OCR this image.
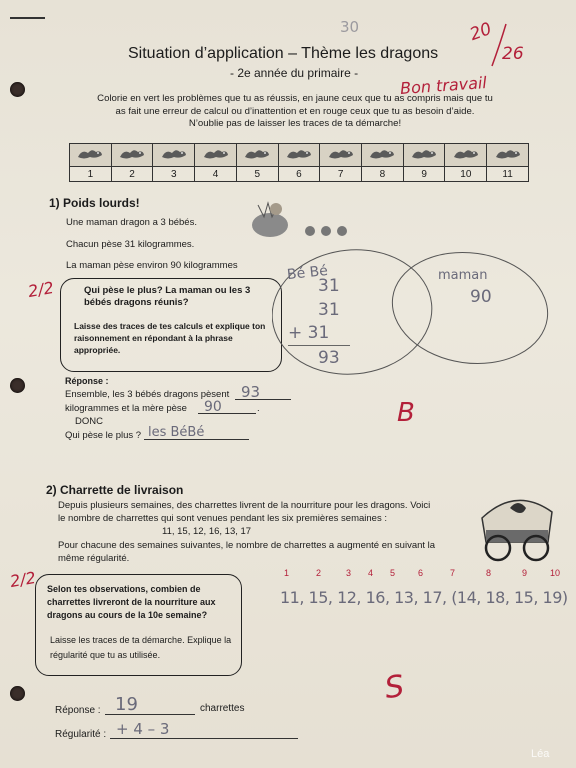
30	20
26
Bon travail
Situation d’application – Thème les dragons
- 2e année du primaire -
Colorie en vert les problèmes que tu as réussis, en jaune ceux que tu as compris mais que tu
as fait une erreur de calcul ou d’inattention et en rouge ceux que tu as besoin d’aide.
N’oublie pas de laisser les traces de ta démarche!

1	2	3	4	5	6	7	8	9	10	11
1) Poids lourds!
Une maman dragon a 3 bébés.
Chacun pèse 31 kilogrammes.
La maman pèse environ 90 kilogrammes
Qui pèse le plus? La maman ou les 3 bébés dragons réunis?
Laisse des traces de tes calculs et explique ton raisonnement en répondant à la phrase appropriée.
Bé Bé
31
31
+ 31
93
maman
90
2/2
Réponse :
Ensemble, les 3 bébés dragons pèsent 93
kilogrammes et la mère pèse	90	.
DONC
Qui pèse le plus ? les BéBé
B
2) Charrette de livraison
Depuis plusieurs semaines, des charrettes livrent de la nourriture pour les dragons. Voici
le nombre de charrettes qui sont venues pendant les six premières semaines :
11, 15, 12, 16, 13, 17
Pour chacune des semaines suivantes, le nombre de charrettes a augmenté en suivant la
même régularité.
Selon tes observations, combien de charrettes livreront de la nourriture aux dragons au cours de la 10e semaine?
Laisse les traces de ta démarche. Explique la régularité que tu as utilisée.
2/2	1	2	3 4 5	6	7	8	9	10
11, 15, 12, 16, 13, 17, (14, 18, 15, 19)
S
Réponse : 19	charrettes
Régularité : + 4 – 3
Léa
